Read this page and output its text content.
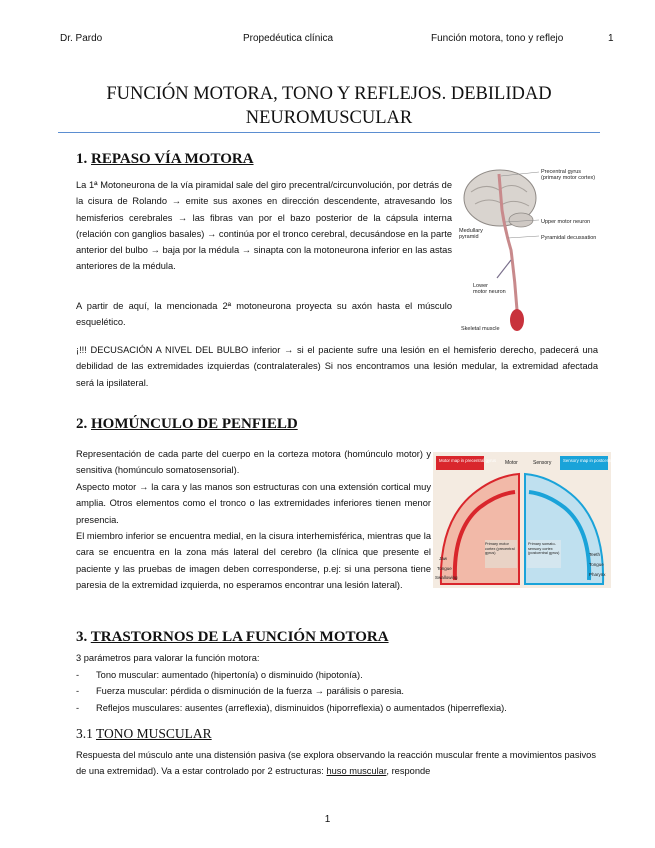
Dr. Pardo	Propedéutica clínica	Función motora, tono y reflejo	1
FUNCIÓN MOTORA, TONO Y REFLEJOS. DEBILIDAD
NEUROMUSCULAR
1. REPASO VÍA MOTORA

La 1ª Motoneurona de la vía piramidal sale del giro precentral/circunvolución, por detrás de la cisura de Rolando → emite sus axones en dirección descendente, atravesando los hemisferios cerebrales → las fibras van por el bazo posterior de la cápsula interna (relación con ganglios basales) → continúa por el tronco cerebral, decusándose en la parte anterior del bulbo → baja por la médula → sinapta con la motoneurona inferior en las astas anteriores de la médula.

A partir de aquí, la mencionada 2ª motoneurona proyecta su axón hasta el músculo esquelético.

¡!!! DECUSACIÓN A NIVEL DEL BULBO inferior → si el paciente sufre una lesión en el hemisferio derecho, padecerá una debilidad de las extremidades izquierdas (contralaterales) Si nos encontramos una lesión medular, la extremidad afectada será la ipsilateral.

Precentral gyrus
(primary motor cortex)
Upper motor neuron
Pyramidal decussation
Medullary
pyramid
Lower
motor neuron
Skeletal muscle
2. HOMÚNCULO DE PENFIELD

Representación de cada parte del cuerpo en la corteza motora (homúnculo motor) y sensitiva (homúnculo somatosensorial).

Aspecto motor → la cara y las manos son estructuras con una extensión cortical muy amplia. Otros elementos como el tronco o las extremidades inferiores tienen menor presencia.

El miembro inferior se encuentra medial, en la cisura interhemisférica, mientras que la cara se encuentra en la zona más lateral del cerebro (la clínica que presente el paciente y las pruebas de imagen deben corresponderse, p.ej: si una persona tiene paresia de la extremidad izquierda, no esperamos encontrar una lesión lateral).

Motor map in precentral gyrus	Sensory map in postcentral gyrus
Motor	Sensory
Primary motor cortex (precentral gyrus)
Primary somato-sensory cortex (postcentral gyrus)
Jaw
Tongue
Swallowing
Teeth
Tongue
Pharynx
3. TRASTORNOS DE LA FUNCIÓN MOTORA

3 parámetros para valorar la función motora:

- Tono muscular: aumentado (hipertonía) o disminuido (hipotonía).
- Fuerza muscular: pérdida o disminución de la fuerza → parálisis o paresia.
- Reflejos musculares: ausentes (arreflexia), disminuidos (hiporreflexia) o aumentados (hiperreflexia).
3.1 TONO MUSCULAR

Respuesta del músculo ante una distensión pasiva (se explora observando la reacción muscular frente a movimientos pasivos de una extremidad). Va a estar controlado por 2 estructuras: huso muscular, responde

1
